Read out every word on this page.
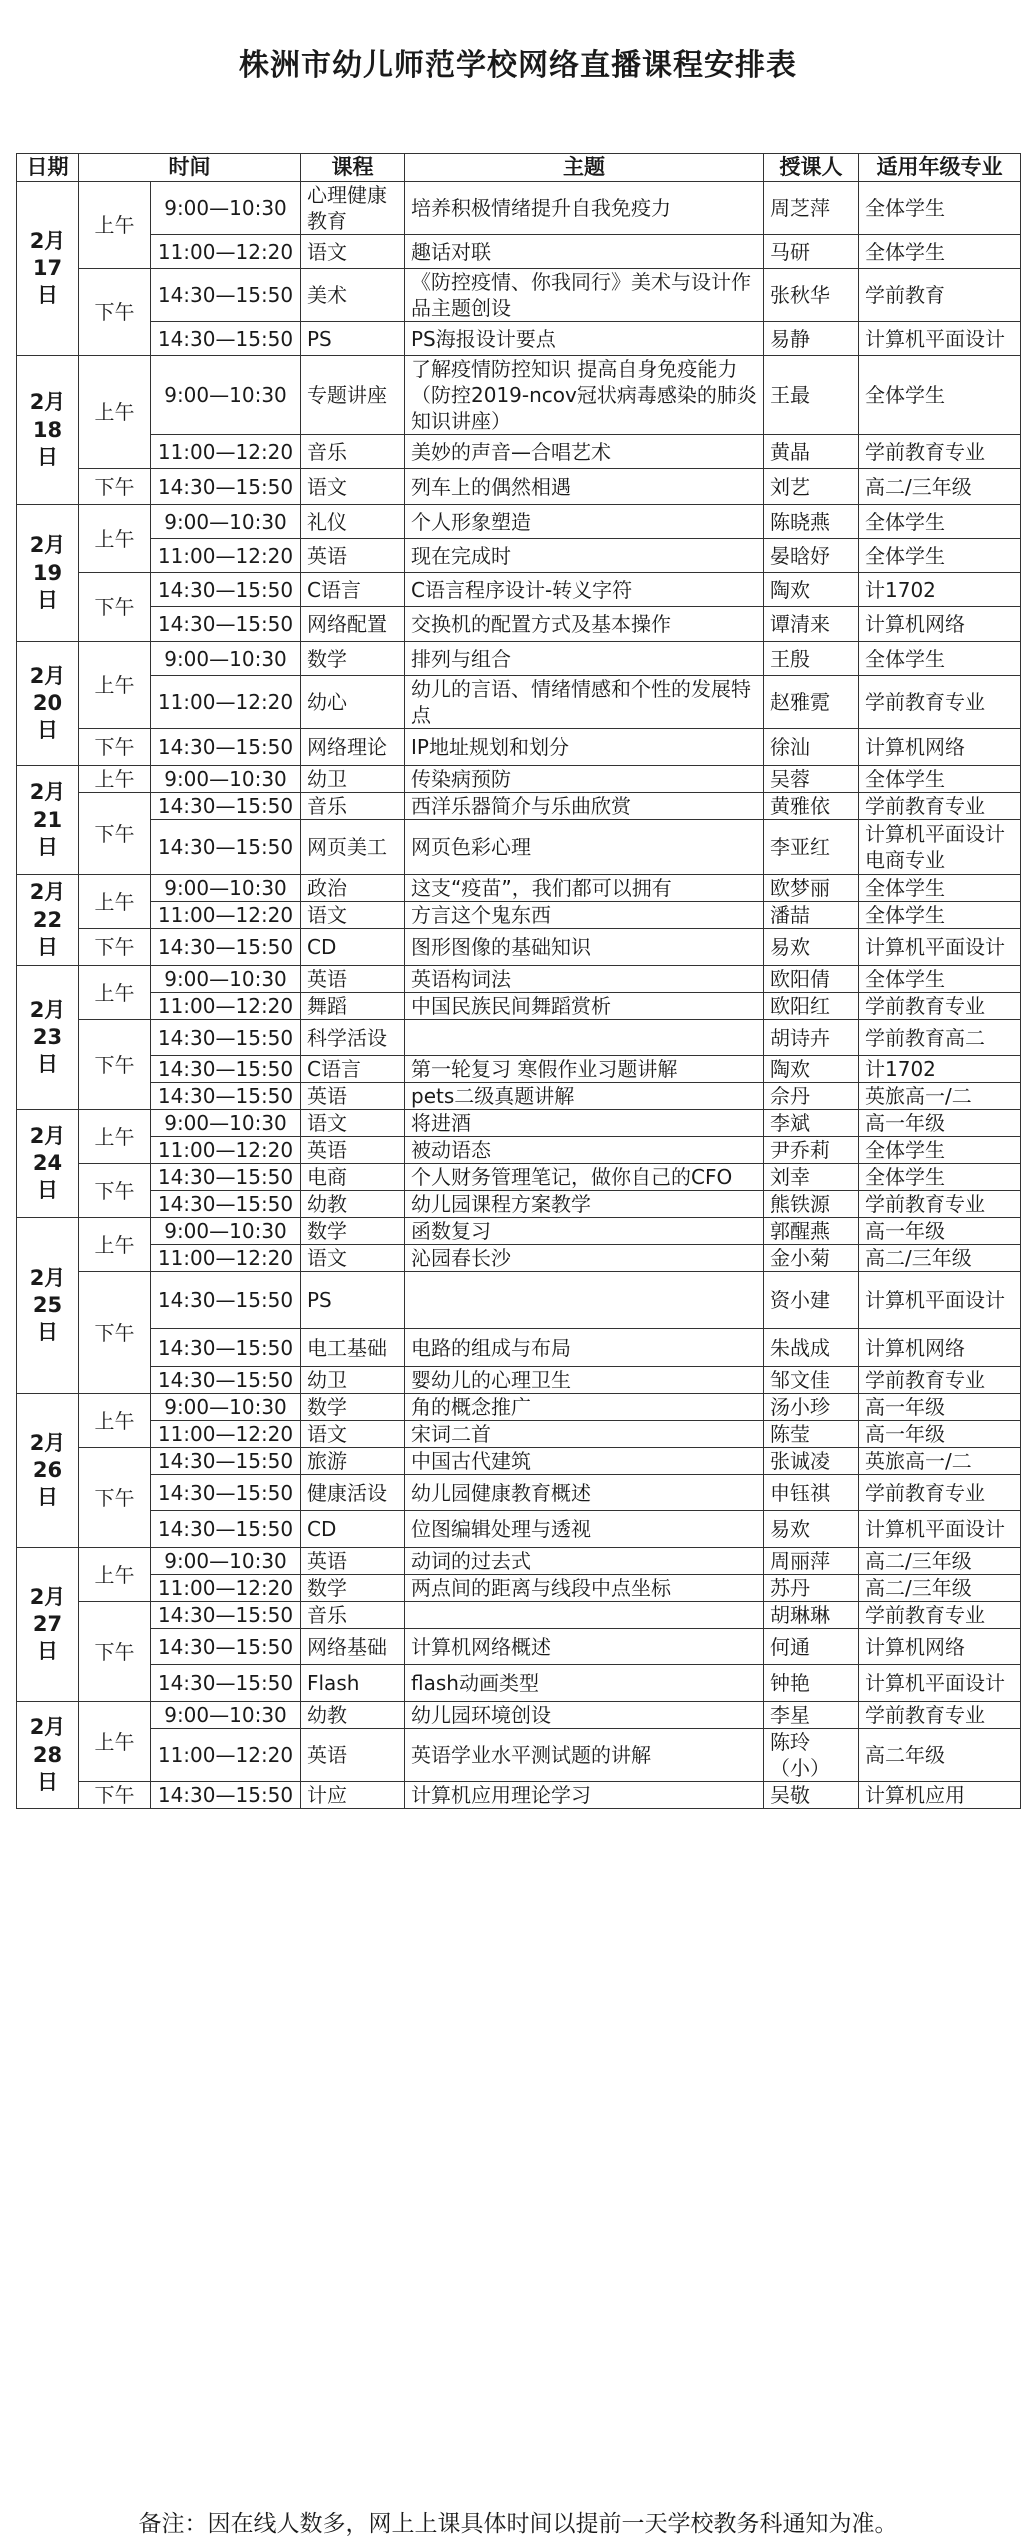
株洲市幼儿师范学校网络直播课程安排表
日期	时间		课程	主题	授课人	适用年级专业

2月
17
日	上午	9:00—10:30	心理健康教育	培养积极情绪提升自我免疫力	周芝萍	全体学生
		11:00—12:20	语文	趣话对联	马研	全体学生
	下午	14:30—15:50	美术	《防控疫情、你我同行》美术与设计作品主题创设	张秋华	学前教育
		14:30—15:50	PS	PS海报设计要点	易静	计算机平面设计

2月
18
日	上午	9:00—10:30	专题讲座	了解疫情防控知识 提高自身免疫能力（防控2019-ncov冠状病毒感染的肺炎知识讲座）	王最	全体学生
		11:00—12:20	音乐	美妙的声音—合唱艺术	黄晶	学前教育专业
	下午	14:30—15:50	语文	列车上的偶然相遇	刘艺	高二/三年级

2月
19
日	上午	9:00—10:30	礼仪	个人形象塑造	陈晓燕	全体学生
		11:00—12:20	英语	现在完成时	晏晗妤	全体学生
	下午	14:30—15:50	C语言	C语言程序设计-转义字符	陶欢	计1702
		14:30—15:50	网络配置	交换机的配置方式及基本操作	谭清来	计算机网络

2月
20
日	上午	9:00—10:30	数学	排列与组合	王殷	全体学生
		11:00—12:20	幼心	幼儿的言语、情绪情感和个性的发展特点	赵雅霓	学前教育专业
	下午	14:30—15:50	网络理论	IP地址规划和划分	徐汕	计算机网络

2月
21
日	上午	9:00—10:30	幼卫	传染病预防	吴蓉	全体学生
	下午	14:30—15:50	音乐	西洋乐器简介与乐曲欣赏	黄雅依	学前教育专业
		14:30—15:50	网页美工	网页色彩心理	李亚红	计算机平面设计 电商专业

2月
22
日	上午	9:00—10:30	政治	这支“疫苗”，我们都可以拥有	欧梦丽	全体学生
		11:00—12:20	语文	方言这个鬼东西	潘喆	全体学生
	下午	14:30—15:50	CD	图形图像的基础知识	易欢	计算机平面设计

2月
23
日	上午	9:00—10:30	英语	英语构词法	欧阳倩	全体学生
		11:00—12:20	舞蹈	中国民族民间舞蹈赏析	欧阳红	学前教育专业
	下午	14:30—15:50	科学活设		胡诗卉	学前教育高二
		14:30—15:50	C语言	第一轮复习 寒假作业习题讲解	陶欢	计1702
		14:30—15:50	英语	pets二级真题讲解	佘丹	英旅高一/二

2月
24
日	上午	9:00—10:30	语文	将进酒	李斌	高一年级
		11:00—12:20	英语	被动语态	尹乔莉	全体学生
	下午	14:30—15:50	电商	个人财务管理笔记，做你自己的CFO	刘幸	全体学生
		14:30—15:50	幼教	幼儿园课程方案教学	熊铁源	学前教育专业

2月
25
日	上午	9:00—10:30	数学	函数复习	郭醒燕	高一年级
		11:00—12:20	语文	沁园春长沙	金小菊	高二/三年级
	下午	14:30—15:50	PS		资小建	计算机平面设计
		14:30—15:50	电工基础	电路的组成与布局	朱战成	计算机网络
		14:30—15:50	幼卫	婴幼儿的心理卫生	邹文佳	学前教育专业

2月
26
日	上午	9:00—10:30	数学	角的概念推广	汤小珍	高一年级
		11:00—12:20	语文	宋词二首	陈莹	高一年级
	下午	14:30—15:50	旅游	中国古代建筑	张诚凌	英旅高一/二
		14:30—15:50	健康活设	幼儿园健康教育概述	申钰祺	学前教育专业
		14:30—15:50	CD	位图编辑处理与透视	易欢	计算机平面设计

2月
27
日	上午	9:00—10:30	英语	动词的过去式	周丽萍	高二/三年级
		11:00—12:20	数学	两点间的距离与线段中点坐标	苏丹	高二/三年级
	下午	14:30—15:50	音乐		胡琳琳	学前教育专业
		14:30—15:50	网络基础	计算机网络概述	何通	计算机网络
		14:30—15:50	Flash	flash动画类型	钟艳	计算机平面设计

2月
28
日	上午	9:00—10:30	幼教	幼儿园环境创设	李星	学前教育专业
		11:00—12:20	英语	英语学业水平测试题的讲解	陈玲（小）	高二年级
	下午	14:30—15:50	计应	计算机应用理论学习	吴敬	计算机应用
备注：因在线人数多，网上上课具体时间以提前一天学校教务科通知为准。
